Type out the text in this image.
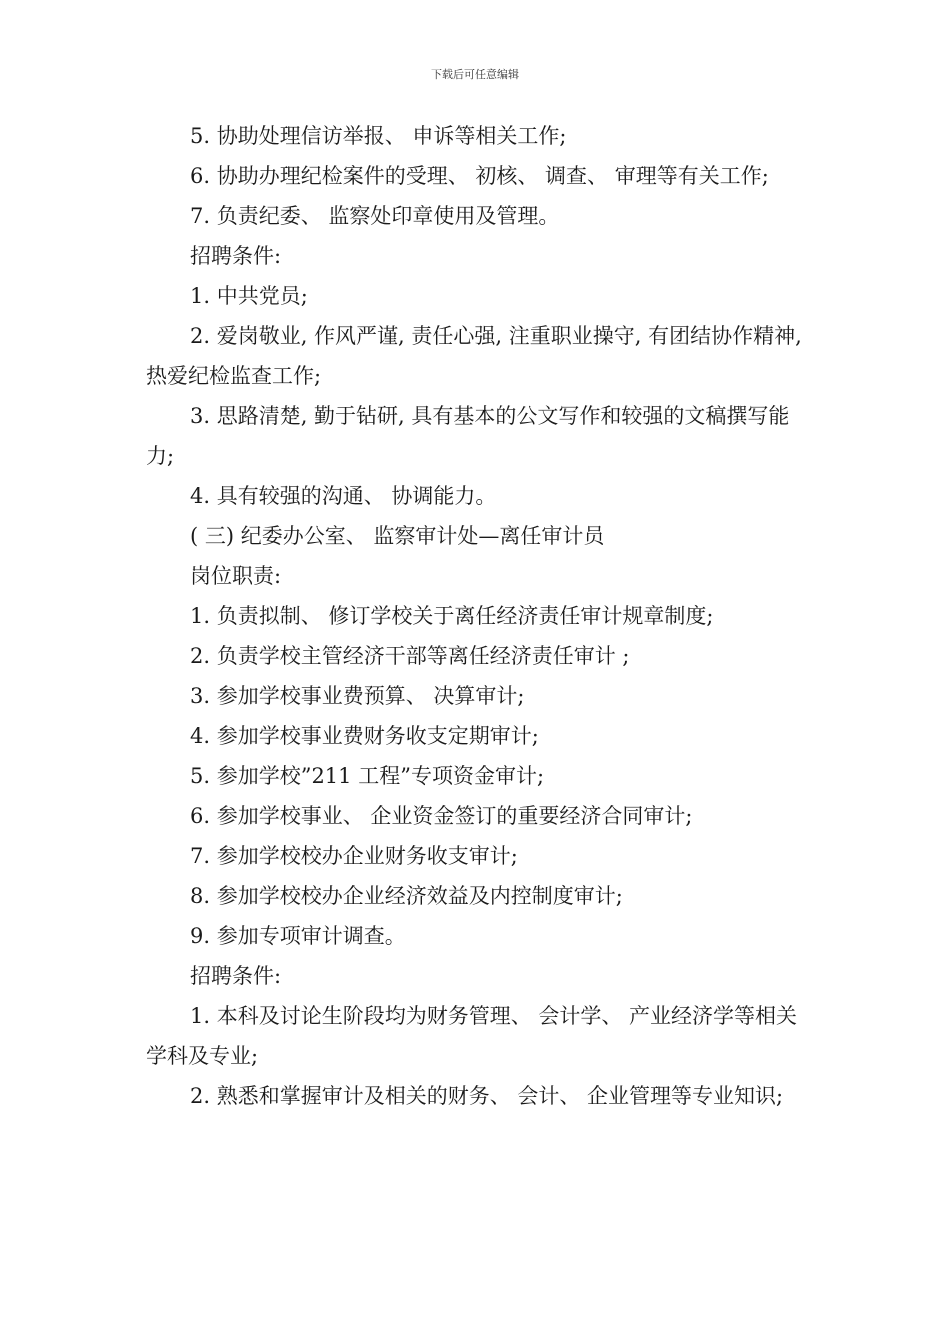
下载后可任意编辑

5. 协助处理信访举报、 申诉等相关工作;

6. 协助办理纪检案件的受理、 初核、 调查、 审理等有关工作;

7. 负责纪委、 监察处印章使用及管理。

招聘条件:

1. 中共党员;

2. 爱岗敬业, 作风严谨, 责任心强, 注重职业操守, 有团结协作精神, 热爱纪检监查工作;

3. 思路清楚, 勤于钻研, 具有基本的公文写作和较强的文稿撰写能力;

4. 具有较强的沟通、 协调能力。

( 三) 纪委办公室、 监察审计处—离任审计员

岗位职责:

1. 负责拟制、 修订学校关于离任经济责任审计规章制度;

2. 负责学校主管经济干部等离任经济责任审计 ;

3. 参加学校事业费预算、 决算审计;

4. 参加学校事业费财务收支定期审计;

5. 参加学校”211 工程”专项资金审计;

6. 参加学校事业、 企业资金签订的重要经济合同审计;

7. 参加学校校办企业财务收支审计;

8. 参加学校校办企业经济效益及内控制度审计;

9. 参加专项审计调查。

招聘条件:

1. 本科及讨论生阶段均为财务管理、 会计学、 产业经济学等相关学科及专业;

2. 熟悉和掌握审计及相关的财务、 会计、 企业管理等专业知识;
